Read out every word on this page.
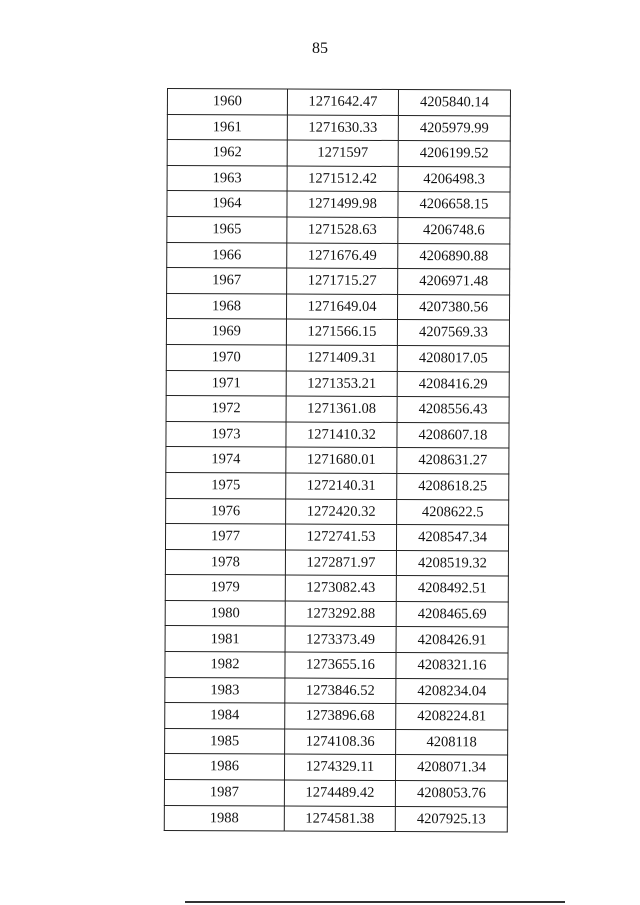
85
1960	1271642.47	4205840.14
1961	1271630.33	4205979.99
1962	1271597	4206199.52
1963	1271512.42	4206498.3
1964	1271499.98	4206658.15
1965	1271528.63	4206748.6
1966	1271676.49	4206890.88
1967	1271715.27	4206971.48
1968	1271649.04	4207380.56
1969	1271566.15	4207569.33
1970	1271409.31	4208017.05
1971	1271353.21	4208416.29
1972	1271361.08	4208556.43
1973	1271410.32	4208607.18
1974	1271680.01	4208631.27
1975	1272140.31	4208618.25
1976	1272420.32	4208622.5
1977	1272741.53	4208547.34
1978	1272871.97	4208519.32
1979	1273082.43	4208492.51
1980	1273292.88	4208465.69
1981	1273373.49	4208426.91
1982	1273655.16	4208321.16
1983	1273846.52	4208234.04
1984	1273896.68	4208224.81
1985	1274108.36	4208118
1986	1274329.11	4208071.34
1987	1274489.42	4208053.76
1988	1274581.38	4207925.13
